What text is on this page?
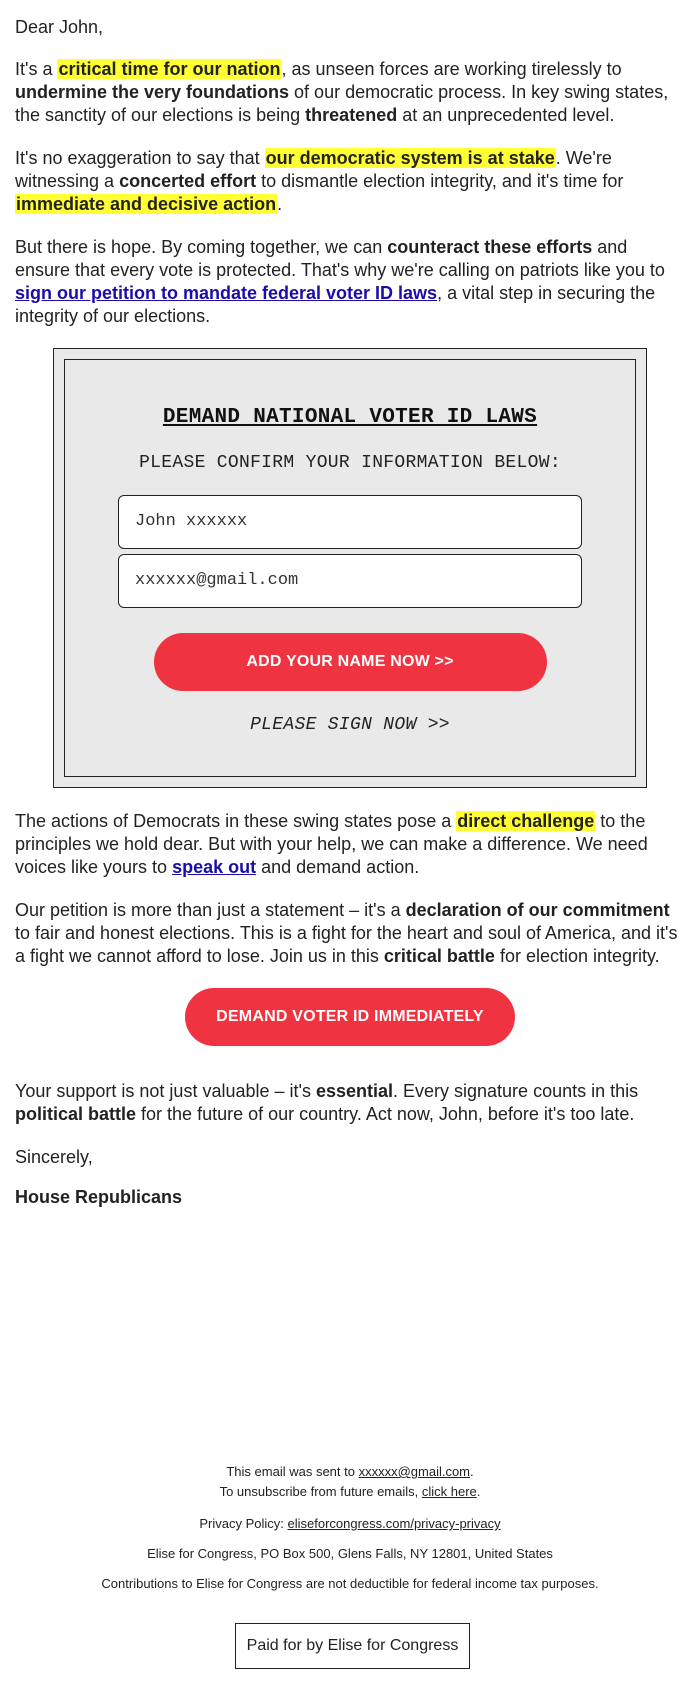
Dear John,

It's a critical time for our nation, as unseen forces are working tirelessly to undermine the very foundations of our democratic process. In key swing states, the sanctity of our elections is being threatened at an unprecedented level.

It's no exaggeration to say that our democratic system is at stake. We're witnessing a concerted effort to dismantle election integrity, and it's time for immediate and decisive action.

But there is hope. By coming together, we can counteract these efforts and ensure that every vote is protected. That's why we're calling on patriots like you to sign our petition to mandate federal voter ID laws, a vital step in securing the integrity of our elections.

DEMAND NATIONAL VOTER ID LAWS
PLEASE CONFIRM YOUR INFORMATION BELOW:
John xxxxxx
xxxxxx@gmail.com
ADD YOUR NAME NOW >>
PLEASE SIGN NOW >>

The actions of Democrats in these swing states pose a direct challenge to the principles we hold dear. But with your help, we can make a difference. We need voices like yours to speak out and demand action.

Our petition is more than just a statement – it's a declaration of our commitment to fair and honest elections. This is a fight for the heart and soul of America, and it's a fight we cannot afford to lose. Join us in this critical battle for election integrity.

DEMAND VOTER ID IMMEDIATELY

Your support is not just valuable – it's essential. Every signature counts in this political battle for the future of our country. Act now, John, before it's too late.

Sincerely,

House Republicans

This email was sent to xxxxxx@gmail.com.
To unsubscribe from future emails, click here.
Privacy Policy: eliseforcongress.com/privacy-privacy
Elise for Congress, PO Box 500, Glens Falls, NY 12801, United States
Contributions to Elise for Congress are not deductible for federal income tax purposes.
Paid for by Elise for Congress
